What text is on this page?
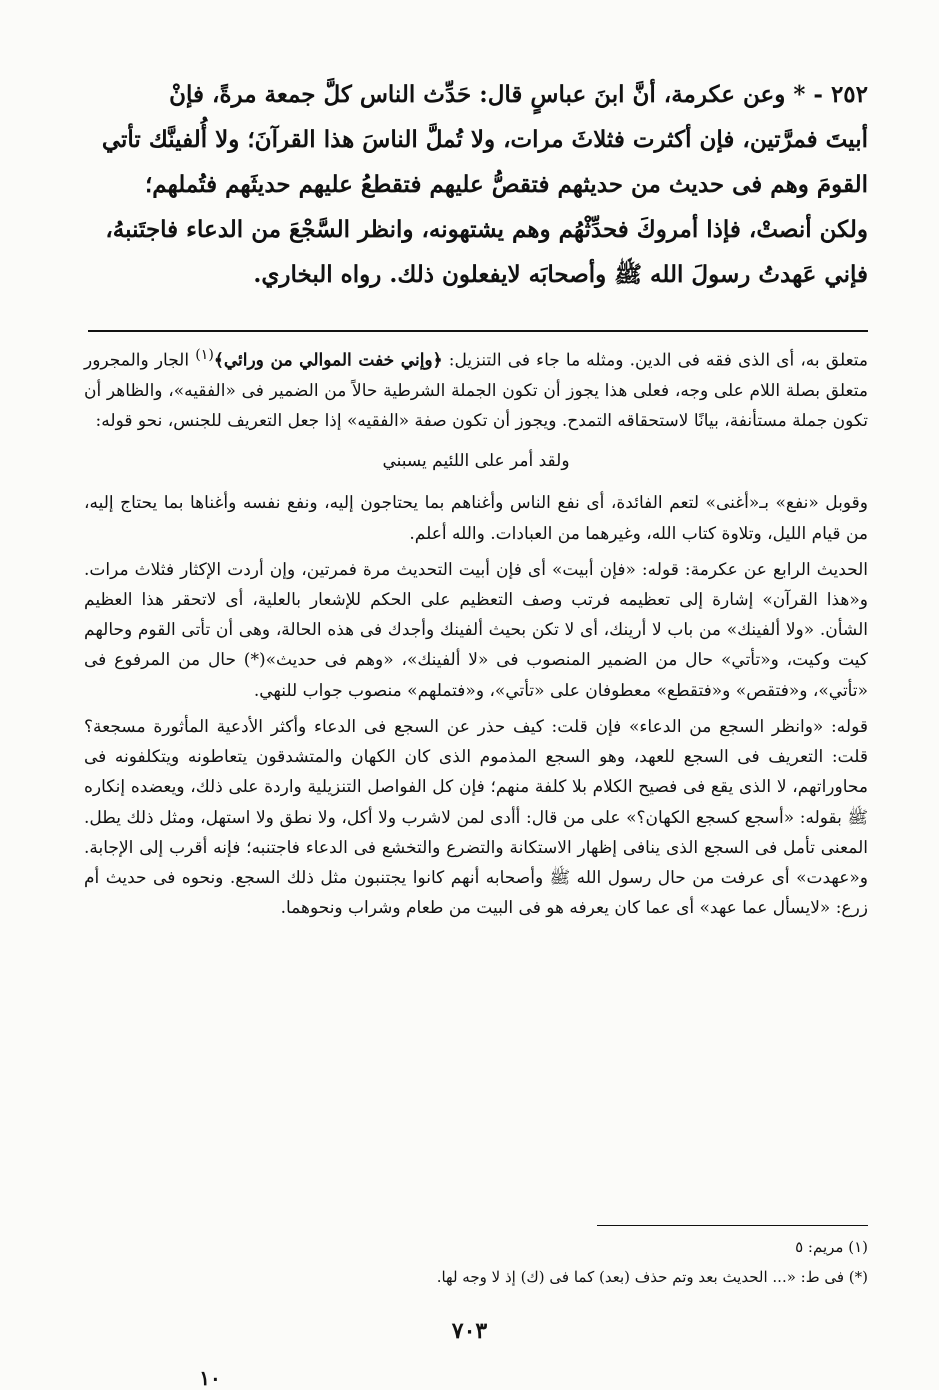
٢٥٢ - * وعن عكرمة، أنَّ ابنَ عباسٍ قال: حَدِّث الناس كلَّ جمعة مرةً، فإنْ

أبيتَ فمرَّتين، فإن أكثرت فثلاثَ مرات، ولا تُملَّ الناسَ هذا القرآنَ؛ ولا أُلفينَّك تأتي

القومَ وهم فى حديث من حديثهم فتقصُّ عليهم فتقطعُ عليهم حديثَهم فتُملهم؛

ولكن أنصتْ، فإذا أمروكَ فحدِّثْهُم وهم يشتهونه، وانظر السَّجْعَ من الدعاء فاجتَنبهُ،

فإني عَهدتُ رسولَ الله ﷺ وأصحابَه لايفعلون ذلك. رواه البخاري.

متعلق به، أى الذى فقه فى الدين. ومثله ما جاء فى التنزيل: ﴿وإني خفت الموالي من ورائي﴾$^{(١)}$ الجار والمجرور متعلق بصلة اللام على وجه، فعلى هذا يجوز أن تكون الجملة الشرطية حالاً من الضمير فى «الفقيه»، والظاهر أن تكون جملة مستأنفة، بيانًا لاستحقاقه التمدح. ويجوز أن تكون صفة «الفقيه» إذا جعل التعريف للجنس، نحو قوله:

ولقد أمر على اللئيم يسبني

وقوبل «نفع» بـ«أغنى» لتعم الفائدة، أى نفع الناس وأغناهم بما يحتاجون إليه، ونفع نفسه وأغناها بما يحتاج إليه، من قيام الليل، وتلاوة كتاب الله، وغيرهما من العبادات. والله أعلم.

الحديث الرابع عن عكرمة: قوله: «فإن أبيت» أى فإن أبيت التحديث مرة فمرتين، وإن أردت الإكثار فثلاث مرات. و«هذا القرآن» إشارة إلى تعظيمه فرتب وصف التعظيم على الحكم للإشعار بالعلية، أى لاتحقر هذا العظيم الشأن. «ولا ألفينك» من باب لا أرينك، أى لا تكن بحيث ألفينك وأجدك فى هذه الحالة، وهى أن تأتى القوم وحالهم كيت وكيت، و«تأتي» حال من الضمير المنصوب فى «لا ألفينك»، «وهم فى حديث»(*) حال من المرفوع فى «تأتي»، و«فتقص» و«فتقطع» معطوفان على «تأتي»، و«فتملهم» منصوب جواب للنهي.

قوله: «وانظر السجع من الدعاء» فإن قلت: كيف حذر عن السجع فى الدعاء وأكثر الأدعية المأثورة مسجعة؟ قلت: التعريف فى السجع للعهد، وهو السجع المذموم الذى كان الكهان والمتشدقون يتعاطونه ويتكلفونه فى محاوراتهم، لا الذى يقع فى فصيح الكلام بلا كلفة منهم؛ فإن كل الفواصل التنزيلية واردة على ذلك، ويعضده إنكاره ﷺ بقوله: «أسجع كسجع الكهان؟» على من قال: أأدى لمن لاشرب ولا أكل، ولا نطق ولا استهل، ومثل ذلك يطل. المعنى تأمل فى السجع الذى ينافى إظهار الاستكانة والتضرع والتخشع فى الدعاء فاجتنبه؛ فإنه أقرب إلى الإجابة. و«عهدت» أى عرفت من حال رسول الله ﷺ وأصحابه أنهم كانوا يجتنبون مثل ذلك السجع. ونحوه فى حديث أم زرع: «لايسأل عما عهد» أى عما كان يعرفه هو فى البيت من طعام وشراب ونحوهما.

(١) مريم: ٥

(*) فى ط: «... الحديث بعد وتم حذف (بعد) كما فى (ك) إذ لا وجه لها.

٧٠٣
١٠
